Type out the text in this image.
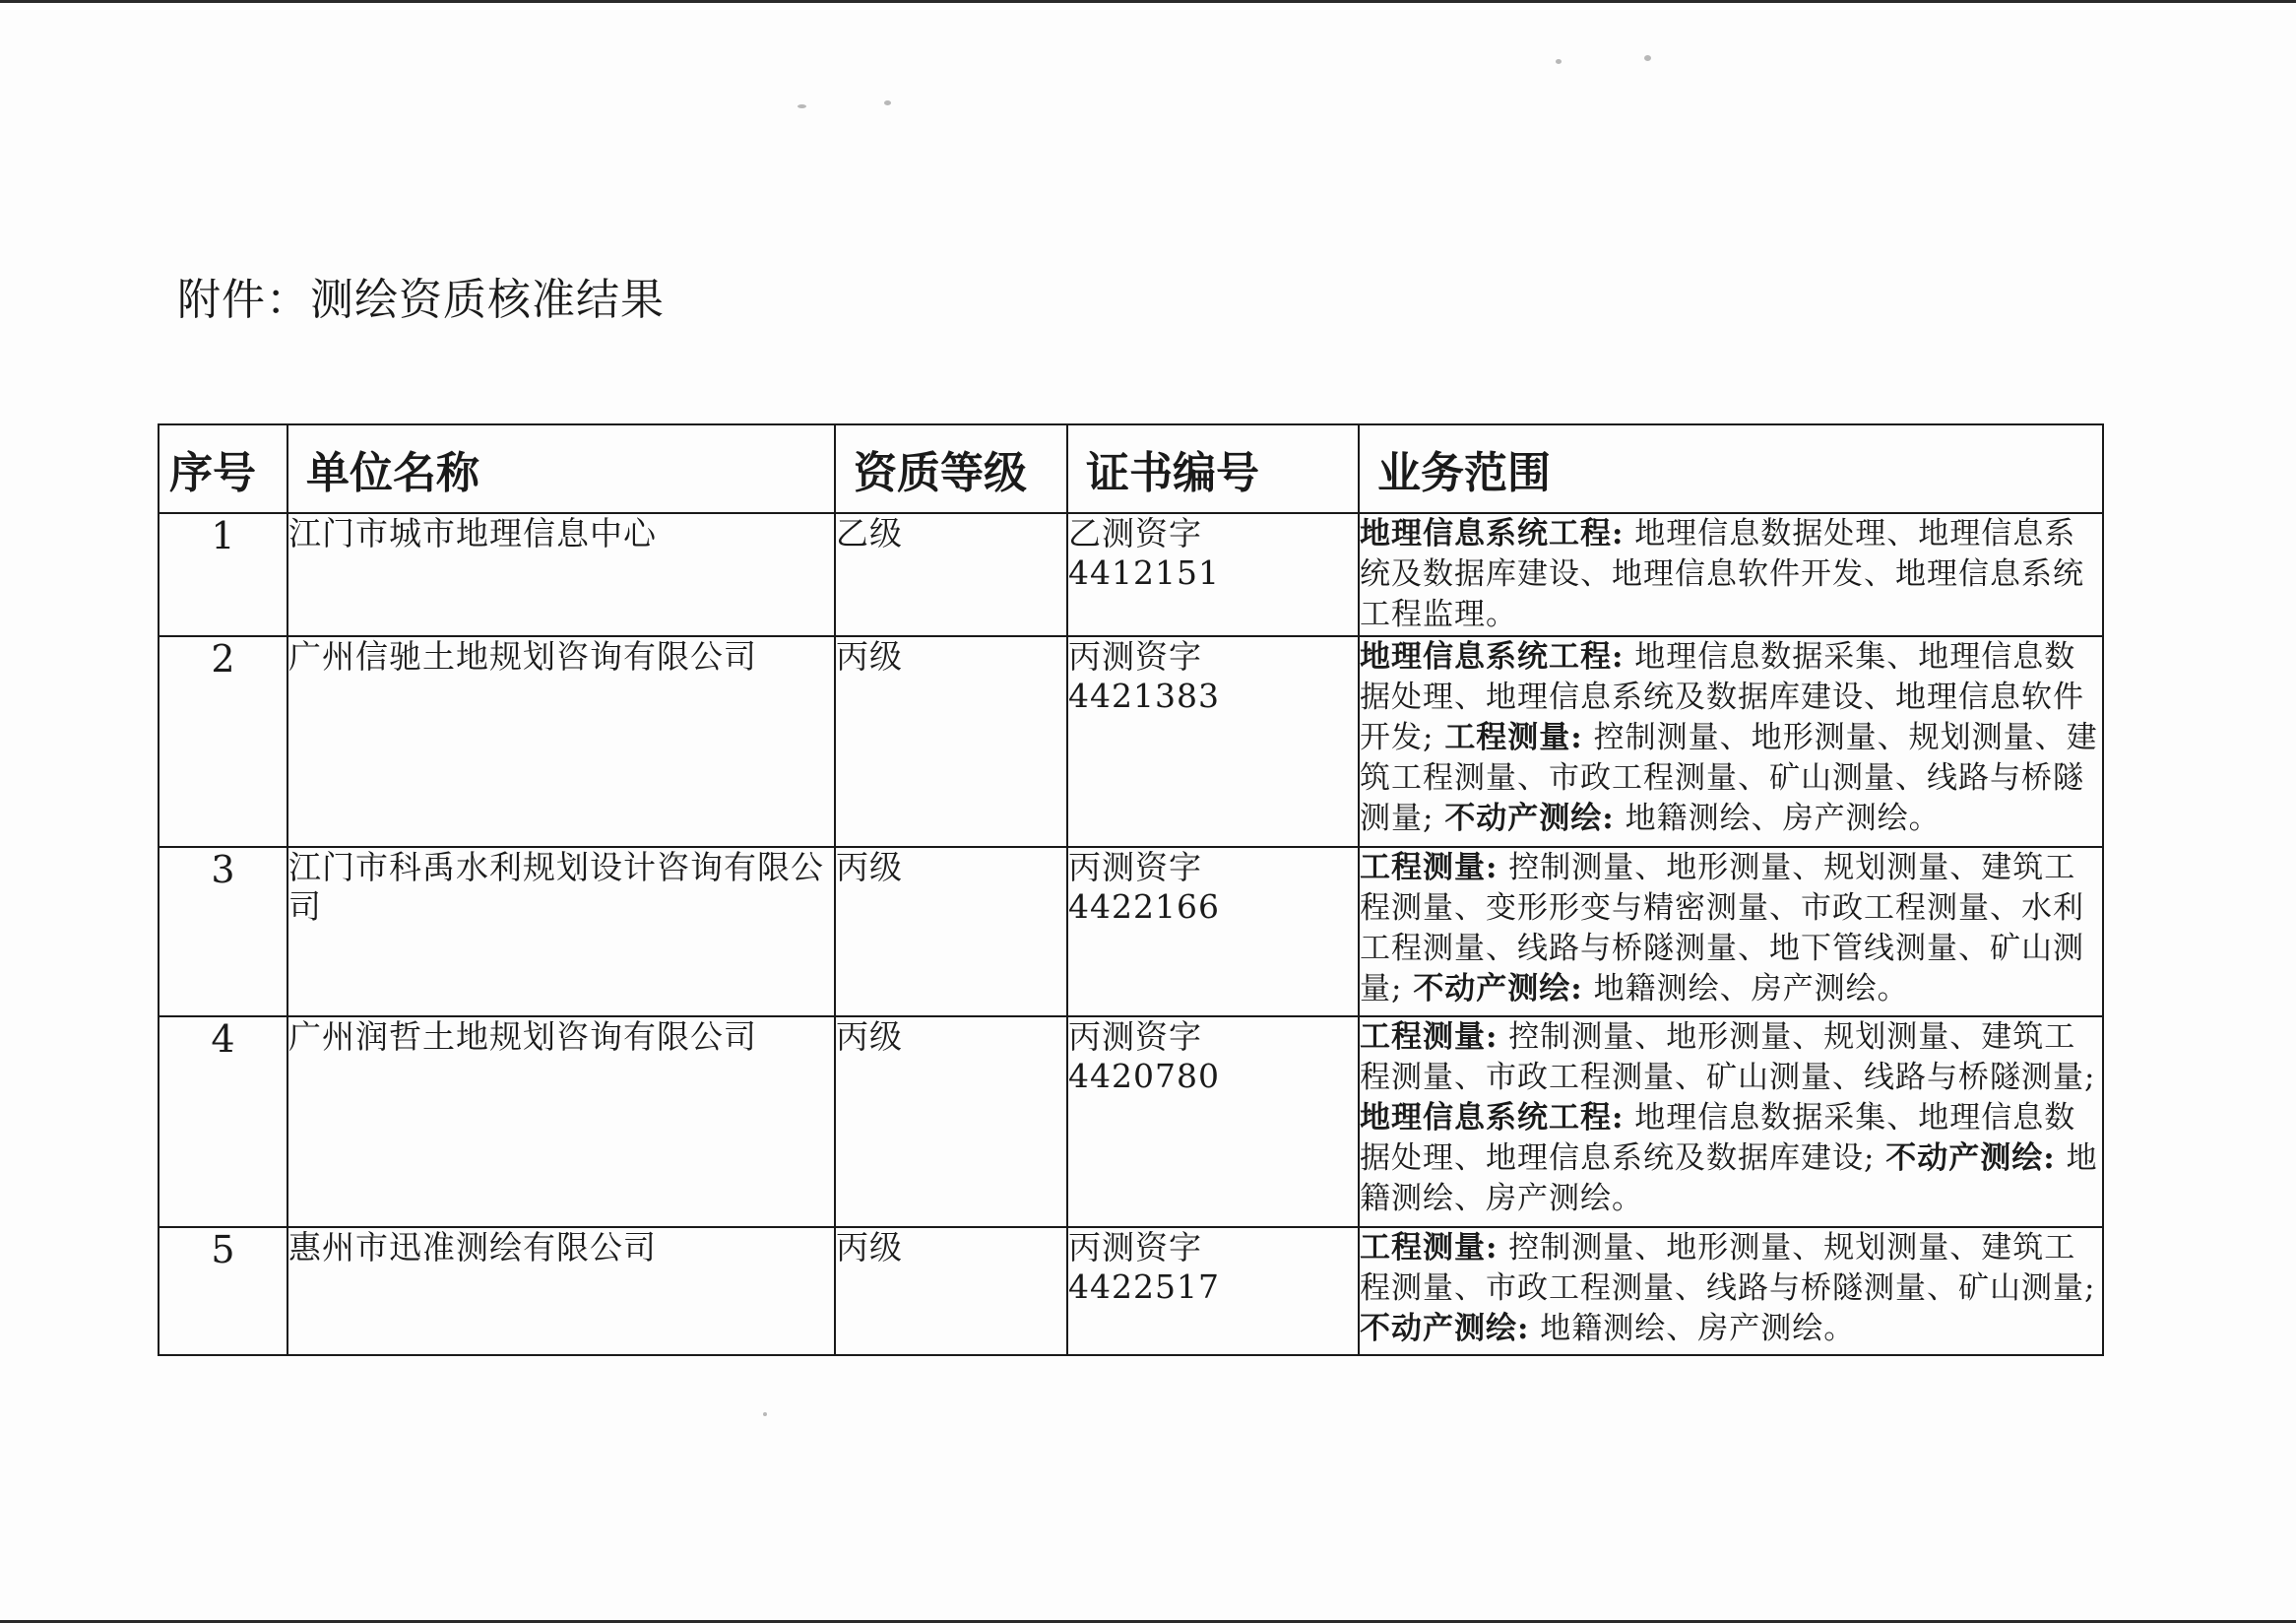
附件：测绘资质核准结果
序号	单位名称	资质等级	证书编号	业务范围
1	江门市城市地理信息中心	乙级	乙测资字 4412151	地理信息系统工程: 地理信息数据处理、地理信息系统及数据库建设、地理信息软件开发、地理信息系统工程监理。
2	广州信驰土地规划咨询有限公司	丙级	丙测资字 4421383	地理信息系统工程: 地理信息数据采集、地理信息数据处理、地理信息系统及数据库建设、地理信息软件开发; 工程测量: 控制测量、地形测量、规划测量、建筑工程测量、市政工程测量、矿山测量、线路与桥隧测量; 不动产测绘: 地籍测绘、房产测绘。
3	江门市科禹水利规划设计咨询有限公司	丙级	丙测资字 4422166	工程测量: 控制测量、地形测量、规划测量、建筑工程测量、变形形变与精密测量、市政工程测量、水利工程测量、线路与桥隧测量、地下管线测量、矿山测量; 不动产测绘: 地籍测绘、房产测绘。
4	广州润哲土地规划咨询有限公司	丙级	丙测资字 4420780	工程测量: 控制测量、地形测量、规划测量、建筑工程测量、市政工程测量、矿山测量、线路与桥隧测量; 地理信息系统工程: 地理信息数据采集、地理信息数据处理、地理信息系统及数据库建设; 不动产测绘: 地籍测绘、房产测绘。
5	惠州市迅准测绘有限公司	丙级	丙测资字 4422517	工程测量: 控制测量、地形测量、规划测量、建筑工程测量、市政工程测量、线路与桥隧测量、矿山测量; 不动产测绘: 地籍测绘、房产测绘。
